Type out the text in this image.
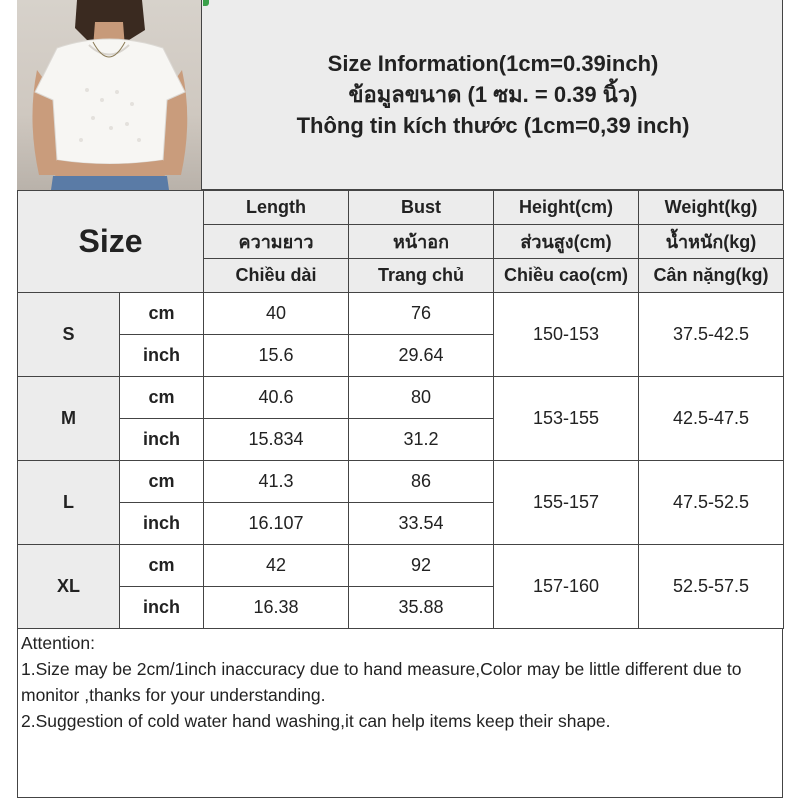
Size Information(1cm=0.39inch)
ข้อมูลขนาด (1 ซม. = 0.39 นิ้ว)
Thông tin kích thước (1cm=0,39 inch)
Size		Length	Bust	Height(cm)	Weight(kg)
		ความยาว	หน้าอก	ส่วนสูง(cm)	น้ำหนัก(kg)
		Chiều dài	Trang chủ	Chiều cao(cm)	Cân nặng(kg)
S	cm	40	76	150-153	37.5-42.5
	inch	15.6	29.64		
M	cm	40.6	80	153-155	42.5-47.5
	inch	15.834	31.2		
L	cm	41.3	86	155-157	47.5-52.5
	inch	16.107	33.54		
XL	cm	42	92	157-160	52.5-57.5
	inch	16.38	35.88		

Attention:

1.Size may be 2cm/1inch inaccuracy due to hand measure,Color may be little different due to monitor ,thanks for your understanding.

2.Suggestion of cold water hand washing,it can help items keep their shape.
